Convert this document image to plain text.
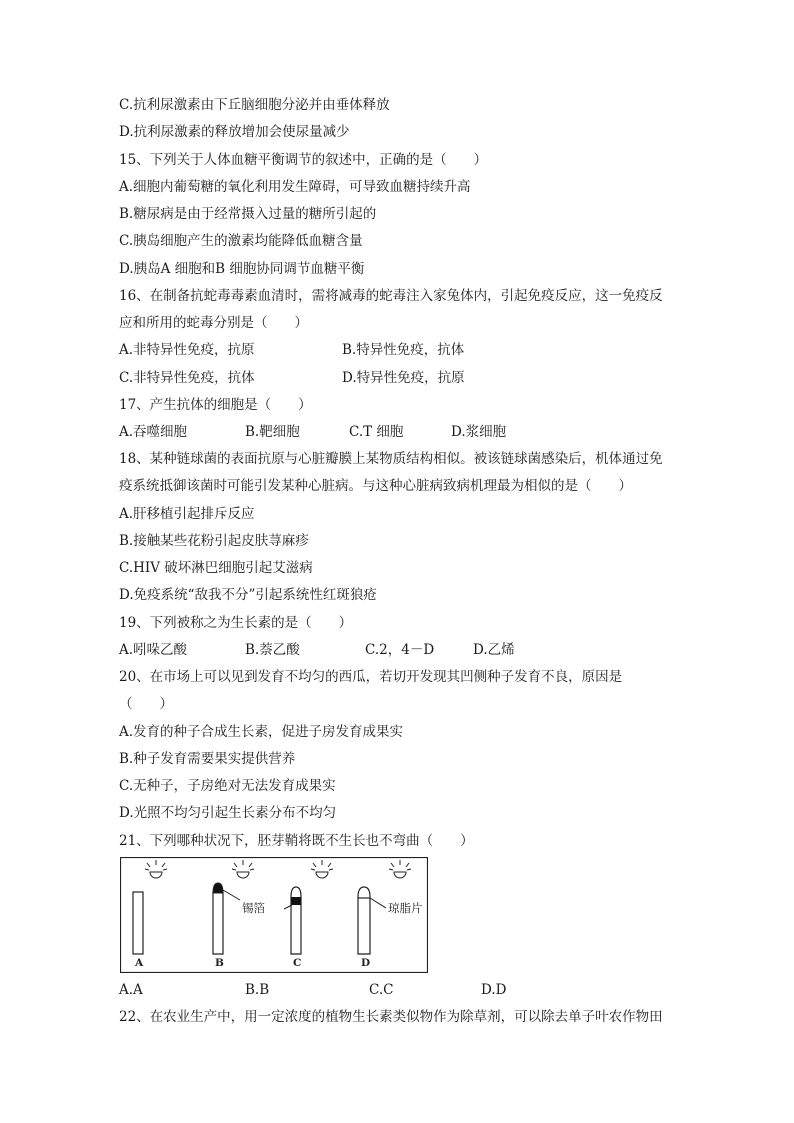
C.抗利尿激素由下丘脑细胞分泌并由垂体释放
D.抗利尿激素的释放增加会使尿量减少
15、下列关于人体血糖平衡调节的叙述中，正确的是（　　）
A.细胞内葡萄糖的氧化利用发生障碍，可导致血糖持续升高
B.糖尿病是由于经常摄入过量的糖所引起的
C.胰岛细胞产生的激素均能降低血糖含量
D.胰岛A 细胞和B 细胞协同调节血糖平衡
16、在制备抗蛇毒毒素血清时，需将减毒的蛇毒注入家兔体内，引起免疫反应，这一免疫反
应和所用的蛇毒分别是（　　）
A.非特异性免疫，抗原	B.特异性免疫，抗体
C.非特异性免疫，抗体	D.特异性免疫，抗原
17、产生抗体的细胞是（　　）
A.吞噬细胞	B.靶细胞	C.T 细胞	D.浆细胞
18、某种链球菌的表面抗原与心脏瓣膜上某物质结构相似。被该链球菌感染后，机体通过免
疫系统抵御该菌时可能引发某种心脏病。与这种心脏病致病机理最为相似的是（　　）
A.肝移植引起排斥反应
B.接触某些花粉引起皮肤荨麻疹
C.HIV 破坏淋巴细胞引起艾滋病
D.免疫系统“敌我不分”引起系统性红斑狼疮
19、下列被称之为生长素的是（　　）
A.吲哚乙酸	B.萘乙酸	C.2，4－D	D.乙烯
20、在市场上可以见到发育不均匀的西瓜，若切开发现其凹侧种子发育不良，原因是
（　　）
A.发育的种子合成生长素，促进子房发育成果实
B.种子发育需要果实提供营养
C.无种子，子房绝对无法发育成果实
D.光照不均匀引起生长素分布不均匀
21、下列哪种状况下，胚芽鞘将既不生长也不弯曲（　　）
锡箔	琼脂片
A	B	C	D
A.A	B.B	C.C	D.D
22、在农业生产中，用一定浓度的植物生长素类似物作为除草剂，可以除去单子叶农作物田
